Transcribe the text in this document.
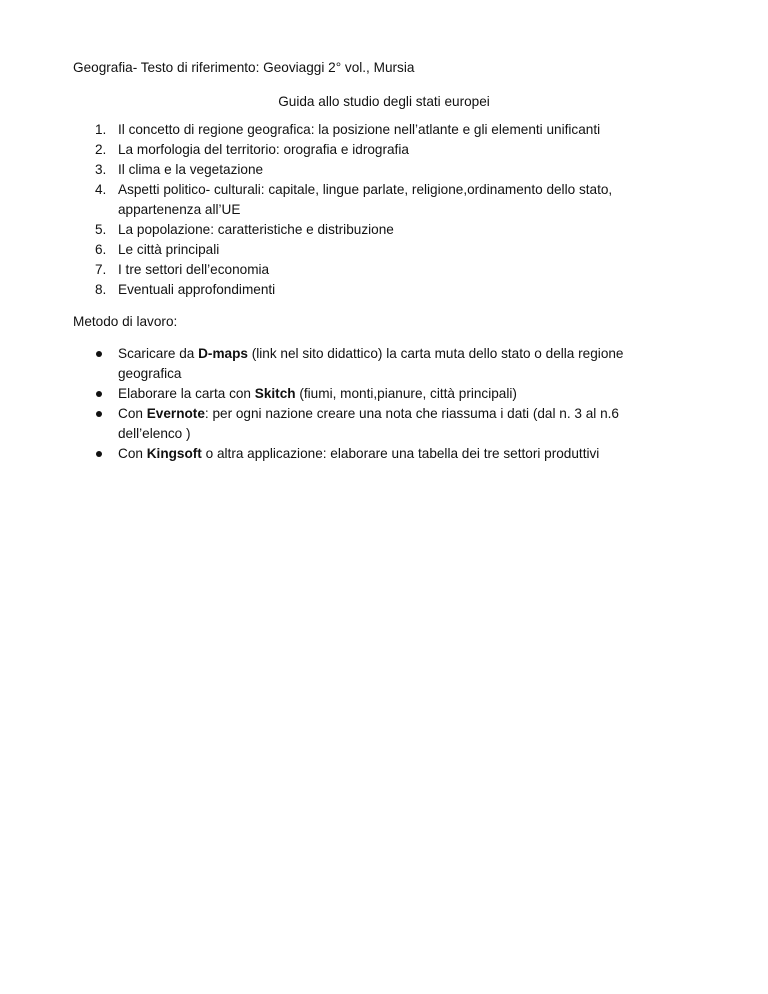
Geografia- Testo di riferimento: Geoviaggi 2° vol., Mursia
Guida allo studio degli stati europei
1. Il concetto di regione geografica: la posizione nell’atlante e gli elementi unificanti
2. La morfologia del territorio: orografia e idrografia
3. Il clima e la vegetazione
4. Aspetti politico- culturali: capitale, lingue parlate, religione,ordinamento dello stato, appartenenza all’UE
5. La popolazione: caratteristiche e distribuzione
6. Le città principali
7. I tre settori dell’economia
8. Eventuali approfondimenti
Metodo di lavoro:
Scaricare da D-maps (link nel sito didattico) la carta muta dello stato o della regione geografica
Elaborare la carta con Skitch (fiumi, monti,pianure, città principali)
Con Evernote: per ogni nazione creare una nota che riassuma i dati (dal n. 3 al n.6 dell’elenco )
Con Kingsoft o altra applicazione: elaborare una tabella dei tre settori produttivi
